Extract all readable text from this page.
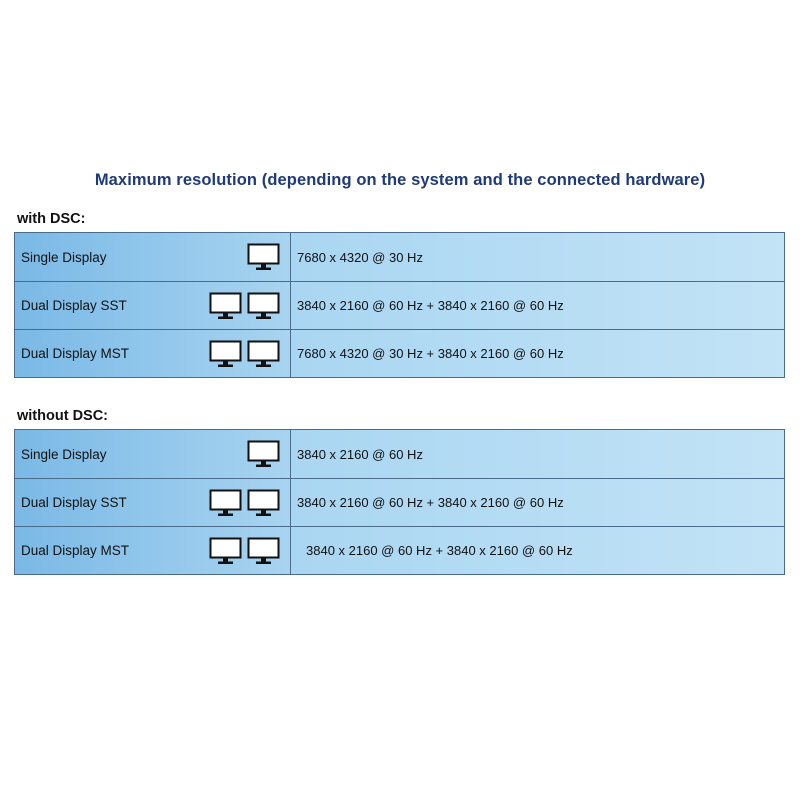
Maximum resolution (depending on the system and the connected hardware)
with DSC:
Single Display	7680 x 4320 @ 30 Hz
Dual Display SST	3840 x 2160 @ 60 Hz + 3840 x 2160 @ 60 Hz
Dual Display MST	7680 x 4320 @ 30 Hz + 3840 x 2160 @ 60 Hz
without DSC:
Single Display	3840 x 2160 @ 60 Hz
Dual Display SST	3840 x 2160 @ 60 Hz + 3840 x 2160 @ 60 Hz
Dual Display MST	3840 x 2160 @ 60 Hz + 3840 x 2160 @ 60 Hz
